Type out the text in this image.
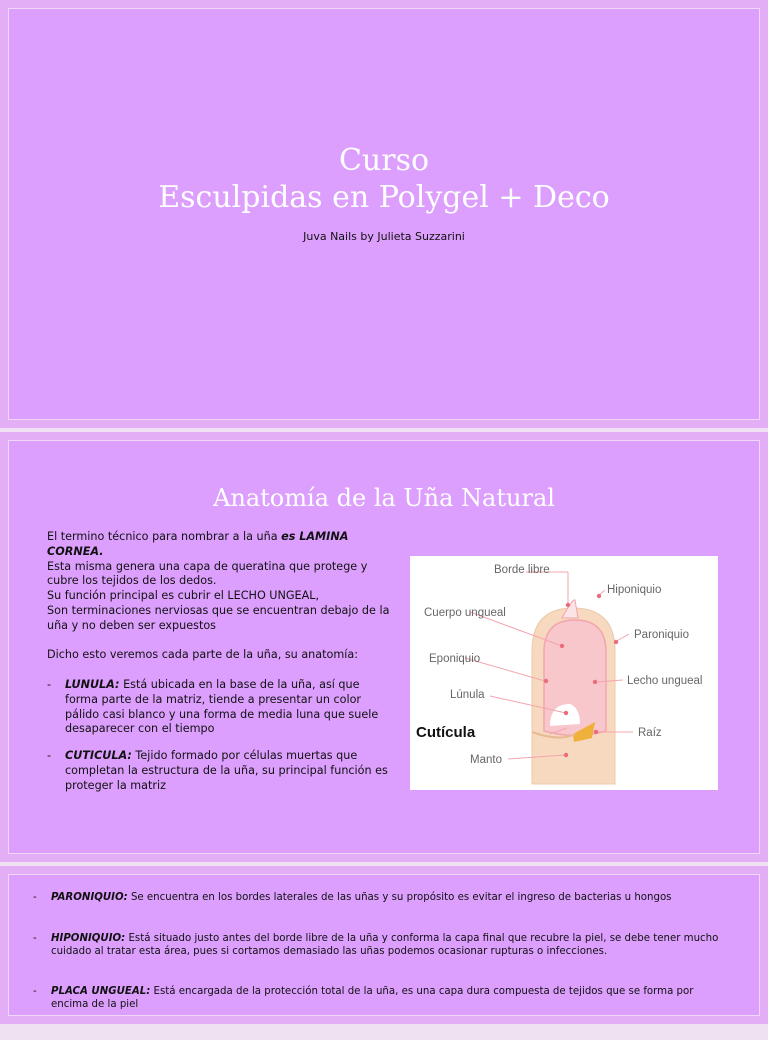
Curso
Esculpidas en Polygel + Deco
Juva Nails by Julieta Suzzarini
Anatomía de la Uña Natural

El termino técnico para nombrar a la uña es LAMINA CORNEA.

Esta misma genera una capa de queratina que protege y cubre los tejidos de los dedos.

Su función principal es cubrir el LECHO UNGEAL,

Son terminaciones nerviosas que se encuentran debajo de la uña y no deben ser expuestos

Dicho esto veremos cada parte de la uña, su anatomía:

- LUNULA: Está ubicada en la base de la uña, así que forma parte de la matriz, tiende a presentar un color pálido casi blanco y una forma de media luna que suele desaparecer con el tiempo
- CUTICULA: Tejido formado por células muertas que completan la estructura de la uña, su principal función es proteger la matriz
Borde libre
Hiponiquio
Cuerpo ungueal
Paroniquio
Eponiquio
Lecho ungueal
Lúnula
Cutícula	Raíz
Manto
- PARONIQUIO: Se encuentra en los bordes laterales de las uñas y su propósito es evitar el ingreso de bacterias u hongos
- HIPONIQUIO: Está situado justo antes del borde libre de la uña y conforma la capa final que recubre la piel, se debe tener mucho cuidado al tratar esta área, pues si cortamos demasiado las uñas podemos ocasionar rupturas o infecciones.
- PLACA UNGUEAL: Está encargada de la protección total de la uña, es una capa dura compuesta de tejidos que se forma por encima de la piel
